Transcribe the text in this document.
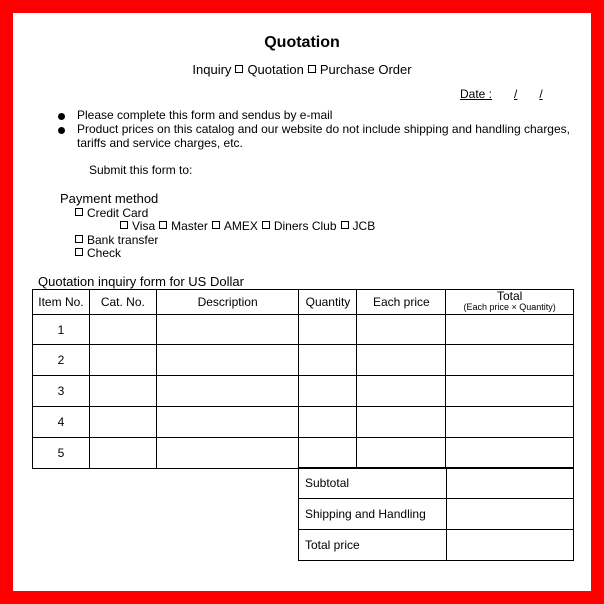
Quotation
Inquiry Quotation Purchase Order
Date : / /
Please complete this form and sendus by e-mail
Product prices on this catalog and our website do not include shipping and handling charges,
tariffs and service charges, etc.
Submit this form to:
Payment method
Credit Card
Visa Master AMEX Diners Club JCB
Bank transfer
Check
Quotation inquiry form for US Dollar
Item No.	Cat. No.	Description	Quantity	Each price	Total
(Each price × Quantity)

1					
2					
3					
4					
5					
Subtotal	
Shipping and Handling	
Total price	
